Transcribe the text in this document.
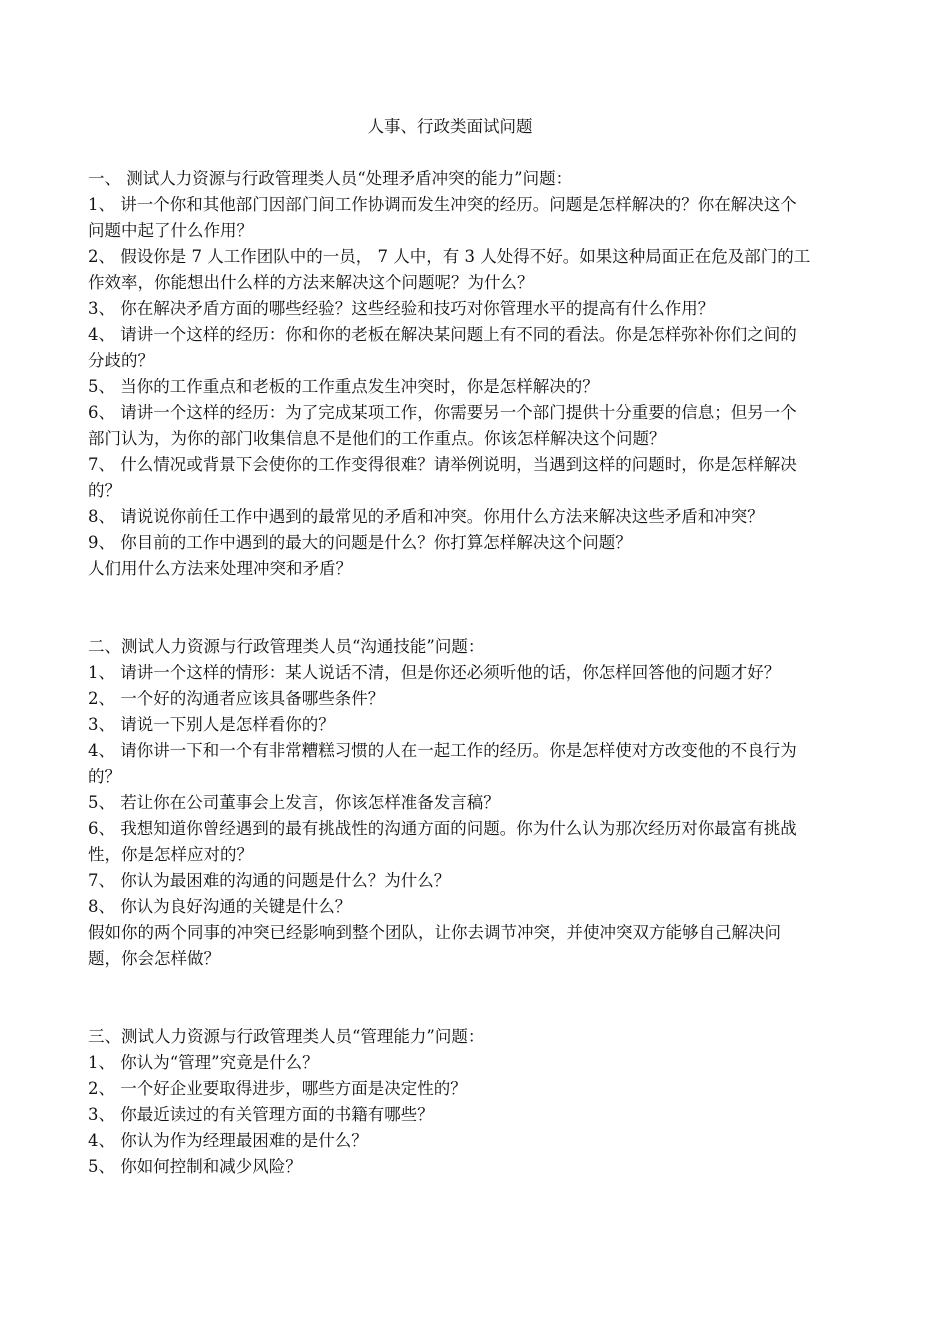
人事、行政类面试问题

一、 测试人力资源与行政管理类人员“处理矛盾冲突的能力”问题：

1、 讲一个你和其他部门因部门间工作协调而发生冲突的经历。问题是怎样解决的？你在解决这个问题中起了什么作用？

2、 假设你是 7 人工作团队中的一员， 7 人中，有 3 人处得不好。如果这种局面正在危及部门的工作效率，你能想出什么样的方法来解决这个问题呢？为什么？

3、 你在解决矛盾方面的哪些经验？这些经验和技巧对你管理水平的提高有什么作用？

4、 请讲一个这样的经历：你和你的老板在解决某问题上有不同的看法。你是怎样弥补你们之间的分歧的？

5、 当你的工作重点和老板的工作重点发生冲突时，你是怎样解决的？

6、 请讲一个这样的经历：为了完成某项工作，你需要另一个部门提供十分重要的信息；但另一个部门认为，为你的部门收集信息不是他们的工作重点。你该怎样解决这个问题？

7、 什么情况或背景下会使你的工作变得很难？请举例说明，当遇到这样的问题时，你是怎样解决的？

8、 请说说你前任工作中遇到的最常见的矛盾和冲突。你用什么方法来解决这些矛盾和冲突？

9、 你目前的工作中遇到的最大的问题是什么？你打算怎样解决这个问题？

人们用什么方法来处理冲突和矛盾？

二、测试人力资源与行政管理类人员“沟通技能”问题：

1、 请讲一个这样的情形：某人说话不清，但是你还必须听他的话，你怎样回答他的问题才好？

2、 一个好的沟通者应该具备哪些条件？

3、 请说一下别人是怎样看你的？

4、 请你讲一下和一个有非常糟糕习惯的人在一起工作的经历。你是怎样使对方改变他的不良行为的？

5、 若让你在公司董事会上发言，你该怎样准备发言稿？

6、 我想知道你曾经遇到的最有挑战性的沟通方面的问题。你为什么认为那次经历对你最富有挑战性，你是怎样应对的？

7、 你认为最困难的沟通的问题是什么？为什么？

8、 你认为良好沟通的关键是什么？

假如你的两个同事的冲突已经影响到整个团队，让你去调节冲突，并使冲突双方能够自己解决问题，你会怎样做？

三、测试人力资源与行政管理类人员“管理能力”问题：

1、 你认为“管理”究竟是什么？

2、 一个好企业要取得进步，哪些方面是决定性的？

3、 你最近读过的有关管理方面的书籍有哪些？

4、 你认为作为经理最困难的是什么？

5、 你如何控制和减少风险？
